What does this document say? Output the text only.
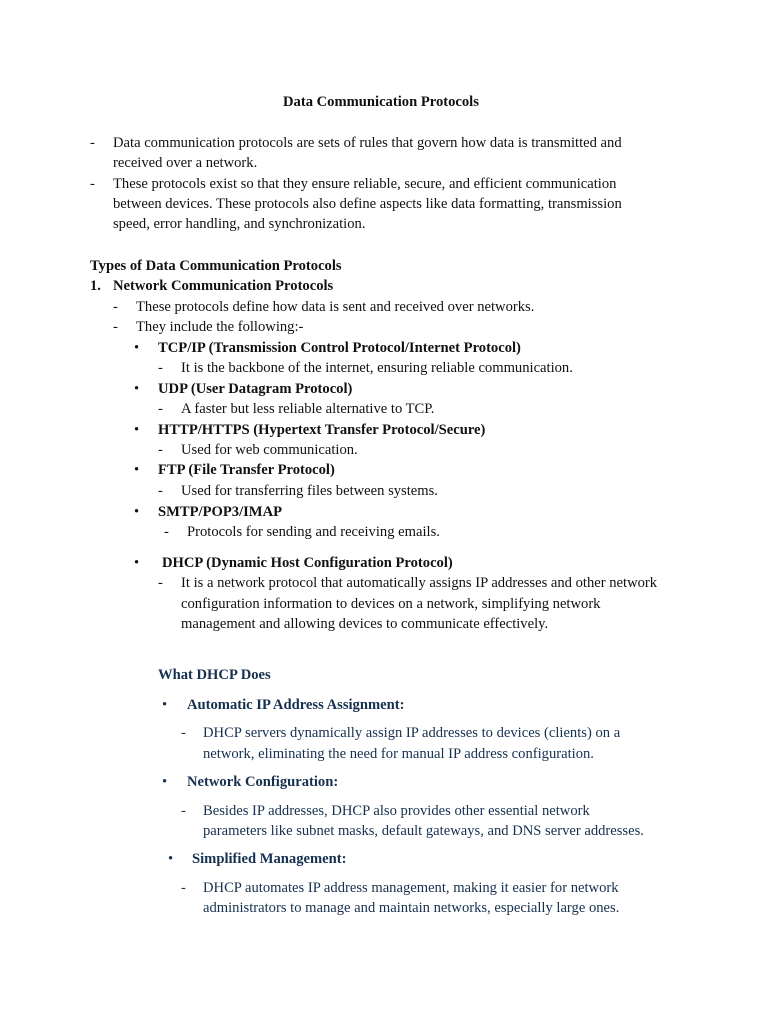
Data Communication Protocols
- Data communication protocols are sets of rules that govern how data is transmitted and
received over a network.
- These protocols exist so that they ensure reliable, secure, and efficient communication
between devices. These protocols also define aspects like data formatting, transmission
speed, error handling, and synchronization.
Types of Data Communication Protocols
1. Network Communication Protocols
- These protocols define how data is sent and received over networks.
- They include the following:-
• TCP/IP (Transmission Control Protocol/Internet Protocol)
- It is the backbone of the internet, ensuring reliable communication.
• UDP (User Datagram Protocol)
- A faster but less reliable alternative to TCP.
• HTTP/HTTPS (Hypertext Transfer Protocol/Secure)
- Used for web communication.
• FTP (File Transfer Protocol)
- Used for transferring files between systems.
• SMTP/POP3/IMAP
- Protocols for sending and receiving emails.
• DHCP (Dynamic Host Configuration Protocol)
- It is a network protocol that automatically assigns IP addresses and other network
configuration information to devices on a network, simplifying network
management and allowing devices to communicate effectively.
What DHCP Does
• Automatic IP Address Assignment:
- DHCP servers dynamically assign IP addresses to devices (clients) on a
network, eliminating the need for manual IP address configuration.
• Network Configuration:
- Besides IP addresses, DHCP also provides other essential network
parameters like subnet masks, default gateways, and DNS server addresses.
• Simplified Management:
- DHCP automates IP address management, making it easier for network
administrators to manage and maintain networks, especially large ones.
